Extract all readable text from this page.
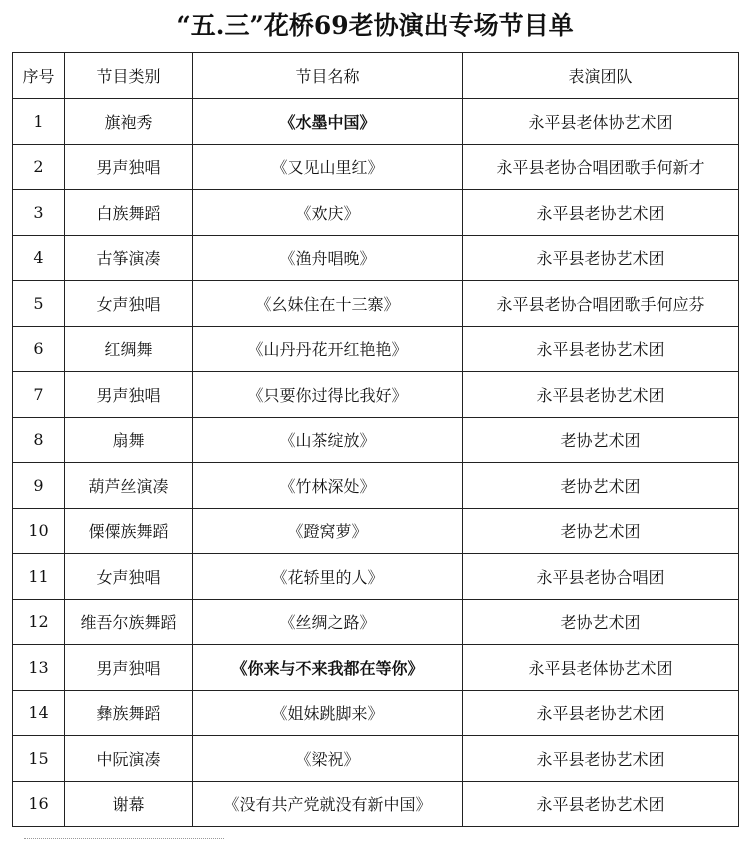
“五.三”花桥69老协演出专场节目单
序号	节目类别	节目名称	表演团队
1	旗袍秀	《水墨中国》	永平县老体协艺术团
2	男声独唱	《又见山里红》	永平县老协合唱团歌手何新才
3	白族舞蹈	《欢庆》	永平县老协艺术团
4	古筝演凑	《渔舟唱晚》	永平县老协艺术团
5	女声独唱	《幺妹住在十三寨》	永平县老协合唱团歌手何应芬
6	红绸舞	《山丹丹花开红艳艳》	永平县老协艺术团
7	男声独唱	《只要你过得比我好》	永平县老协艺术团
8	扇舞	《山茶绽放》	老协艺术团
9	葫芦丝演凑	《竹林深处》	老协艺术团
10	傈僳族舞蹈	《蹬窝萝》	老协艺术团
11	女声独唱	《花轿里的人》	永平县老协合唱团
12	维吾尔族舞蹈	《丝绸之路》	老协艺术团
13	男声独唱	《你来与不来我都在等你》	永平县老体协艺术团
14	彝族舞蹈	《姐妹跳脚来》	永平县老协艺术团
15	中阮演凑	《梁祝》	永平县老协艺术团
16	谢幕	《没有共产党就没有新中国》	永平县老协艺术团
